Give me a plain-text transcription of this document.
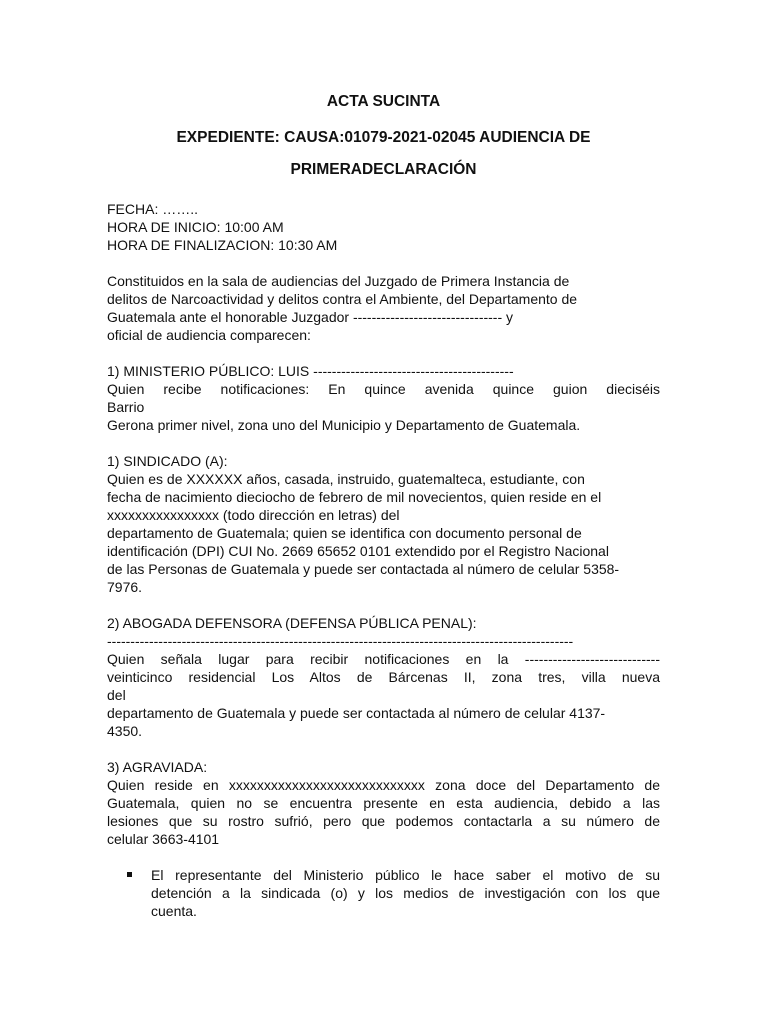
ACTA SUCINTA
EXPEDIENTE: CAUSA:01079-2021-02045 AUDIENCIA DE
PRIMERADECLARACIÓN
FECHA: ……..
HORA DE INICIO: 10:00 AM
HORA DE FINALIZACION: 10:30 AM
Constituidos en la sala de audiencias del Juzgado de Primera Instancia de
delitos de Narcoactividad y delitos contra el Ambiente, del Departamento de
Guatemala ante el honorable Juzgador -------------------------------- y
oficial de audiencia comparecen:
1) MINISTERIO PÚBLICO: LUIS -------------------------------------------
Quien recibe notificaciones: En quince avenida quince guion dieciséis
Barrio
Gerona primer nivel, zona uno del Municipio y Departamento de Guatemala.
1) SINDICADO (A):
Quien es de XXXXXX años, casada, instruido, guatemalteca, estudiante, con
fecha de nacimiento dieciocho de febrero de mil novecientos, quien reside en el
xxxxxxxxxxxxxxxx (todo dirección en letras) del
departamento de Guatemala; quien se identifica con documento personal de
identificación (DPI) CUI No. 2669 65652 0101 extendido por el Registro Nacional
de las Personas de Guatemala y puede ser contactada al número de celular 5358-
7976.
2) ABOGADA DEFENSORA (DEFENSA PÚBLICA PENAL):
----------------------------------------------------------------------------------------------------
Quien señala lugar para recibir notificaciones en la -----------------------------
veinticinco residencial Los Altos de Bárcenas II, zona tres, villa nueva
del
departamento de Guatemala y puede ser contactada al número de celular 4137-
4350.
3) AGRAVIADA:
Quien reside en xxxxxxxxxxxxxxxxxxxxxxxxxxxx zona doce del Departamento de
Guatemala, quien no se encuentra presente en esta audiencia, debido a las
lesiones que su rostro sufrió, pero que podemos contactarla a su número de
celular 3663-4101
El representante del Ministerio público le hace saber el motivo de su
detención a la sindicada (o) y los medios de investigación con los que
cuenta.
